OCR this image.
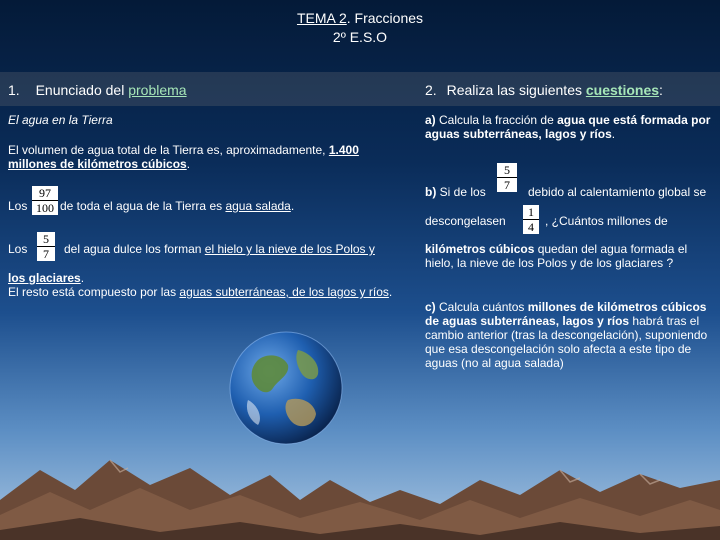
TEMA 2. Fracciones
2º E.S.O
1. Enunciado del problema	2. Realiza las siguientes cuestiones:
El agua en la Tierra
El volumen de agua total de la Tierra es, aproximadamente, 1.400 millones de kilómetros cúbicos.
Los $\frac{97}{100}$ de toda el agua de la Tierra es agua salada.
Los $\frac{5}{7}$ del agua dulce los forman el hielo y la nieve de los Polos y
los glaciares.
El resto está compuesto por las aguas subterráneas, de los lagos y ríos.
a) Calcula la fracción de agua que está formada por aguas subterráneas, lagos y ríos.
b) Si de los $\frac{5}{7}$ debido al calentamiento global se
descongelasen $\frac{1}{4}$ , ¿Cuántos millones de
kilómetros cúbicos quedan del agua formada el hielo, la nieve de los Polos y de los glaciares ?
c) Calcula cuántos millones de kilómetros cúbicos de aguas subterráneas, lagos y ríos habrá tras el cambio anterior (tras la descongelación), suponiendo que esa descongelación solo afecta a este tipo de aguas (no al agua salada)
